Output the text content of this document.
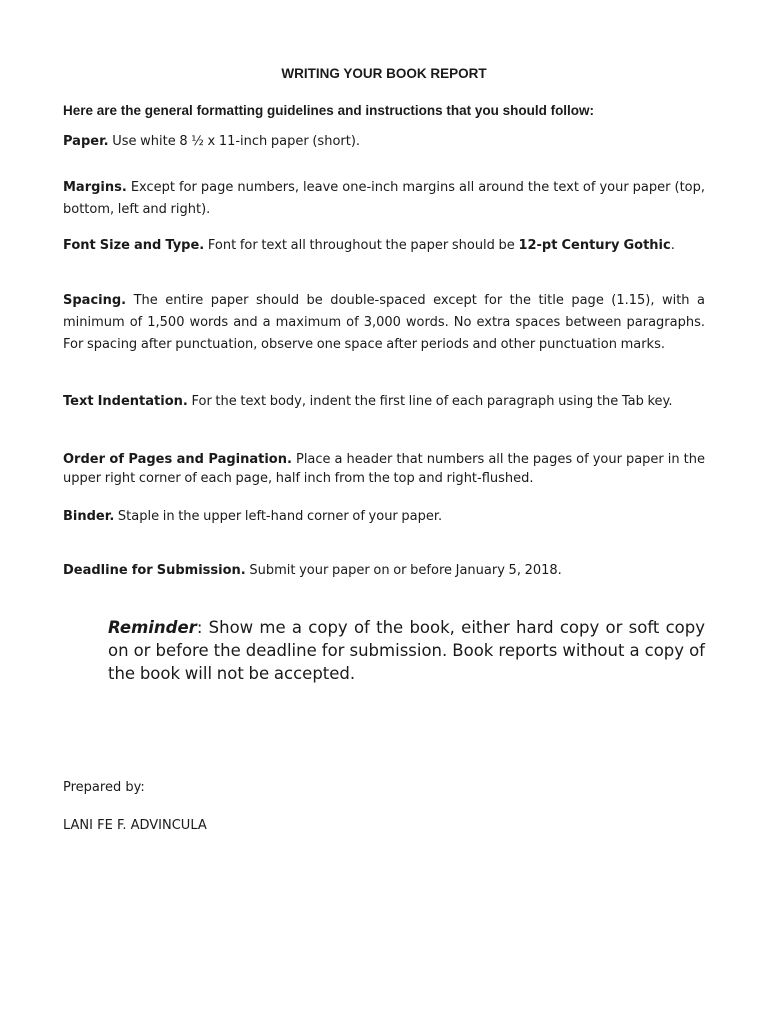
WRITING YOUR BOOK REPORT
Here are the general formatting guidelines and instructions that you should follow:

Paper. Use white 8 ½ x 11-inch paper (short).

Margins. Except for page numbers, leave one-inch margins all around the text of your paper (top, bottom, left and right).

Font Size and Type. Font for text all throughout the paper should be 12-pt Century Gothic.

Spacing. The entire paper should be double-spaced except for the title page (1.15), with a minimum of 1,500 words and a maximum of 3,000 words. No extra spaces between paragraphs. For spacing after punctuation, observe one space after periods and other punctuation marks.

Text Indentation. For the text body, indent the first line of each paragraph using the Tab key.

Order of Pages and Pagination. Place a header that numbers all the pages of your paper in the upper right corner of each page, half inch from the top and right-flushed.

Binder. Staple in the upper left-hand corner of your paper.

Deadline for Submission. Submit your paper on or before January 5, 2018.

Reminder: Show me a copy of the book, either hard copy or soft copy on or before the deadline for submission. Book reports without a copy of the book will not be accepted.

Prepared by:
LANI FE F. ADVINCULA
